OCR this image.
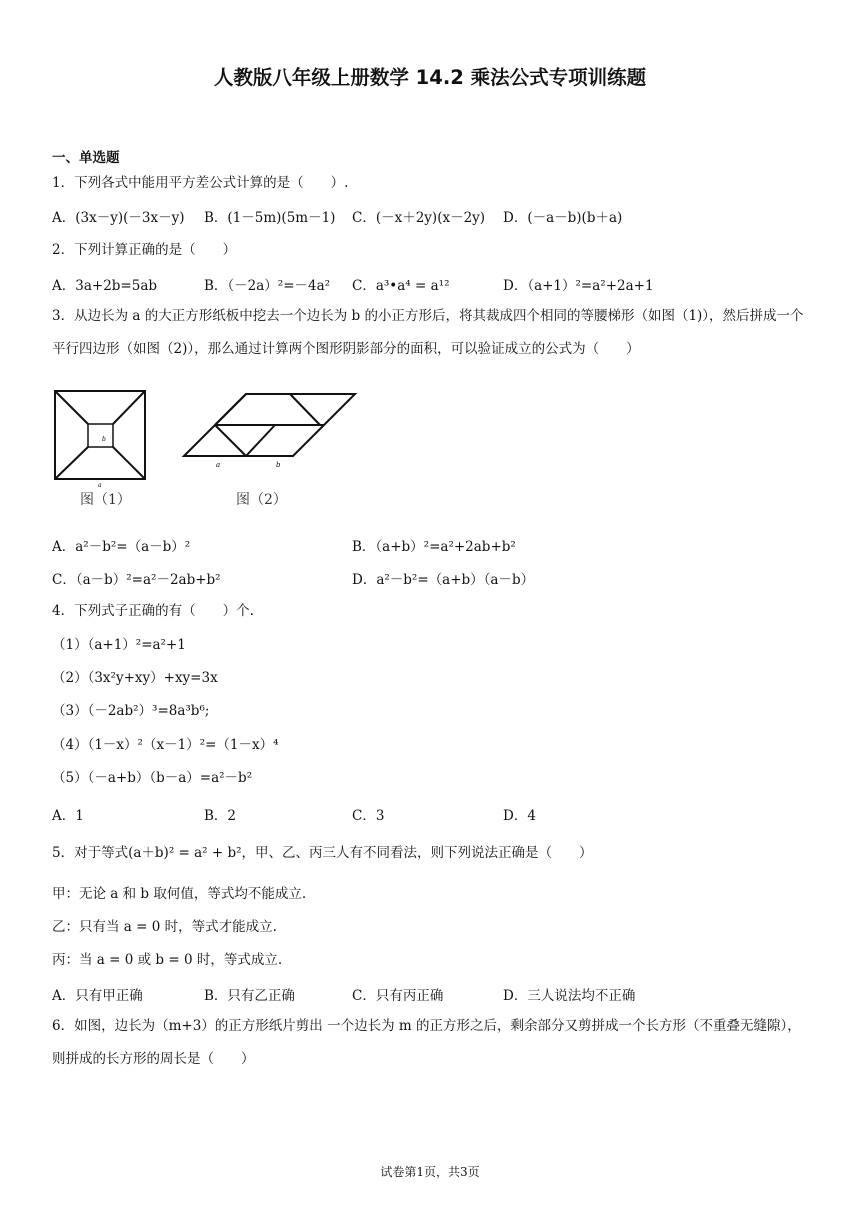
人教版八年级上册数学 14.2 乘法公式专项训练题
一、单选题
1．下列各式中能用平方差公式计算的是（　　）.
A．(3x－y)(－3x－y) B．(1－5m)(5m－1) C．(－x＋2y)(x－2y) D．(－a－b)(b＋a)
2．下列计算正确的是（　　）
A．3a+2b=5ab	B．（－2a）²=－4a² C．a³•a⁴ = a¹²	D．（a+1）²=a²+2a+1
3．从边长为 a 的大正方形纸板中挖去一个边长为 b 的小正方形后，将其裁成四个相同的等腰梯形（如图（1)），然后拼成一个平行四边形（如图（2)），那么通过计算两个图形阴影部分的面积，可以验证成立的公式为（　　）
b
a
图（1）
a	b
图（2）
A．a²－b²=（a－b）²	B．（a+b）²=a²+2ab+b²
C．（a－b）²=a²－2ab+b²	D．a²－b²=（a+b）（a－b）
4．下列式子正确的有（　　）个.
（1）（a+1）²=a²+1
（2）（3x²y+xy）+xy=3x
（3）（－2ab²）³=8a³b⁶;
（4）（1－x）²（x－1）²=（1－x）⁴
（5）（－a+b）（b－a）=a²－b²
A．1	B．2	C．3	D．4
5．对于等式(a＋b)² = a² + b²，甲、乙、丙三人有不同看法，则下列说法正确是（　　）
甲：无论 a 和 b 取何值，等式均不能成立.
乙：只有当 a = 0 时，等式才能成立.
丙：当 a = 0 或 b = 0 时，等式成立.
A．只有甲正确	B．只有乙正确	C．只有丙正确	D．三人说法均不正确
6．如图，边长为（m+3）的正方形纸片剪出 一个边长为 m 的正方形之后，剩余部分又剪拼成一个长方形（不重叠无缝隙），则拼成的长方形的周长是（　　）
试卷第1页，共3页
